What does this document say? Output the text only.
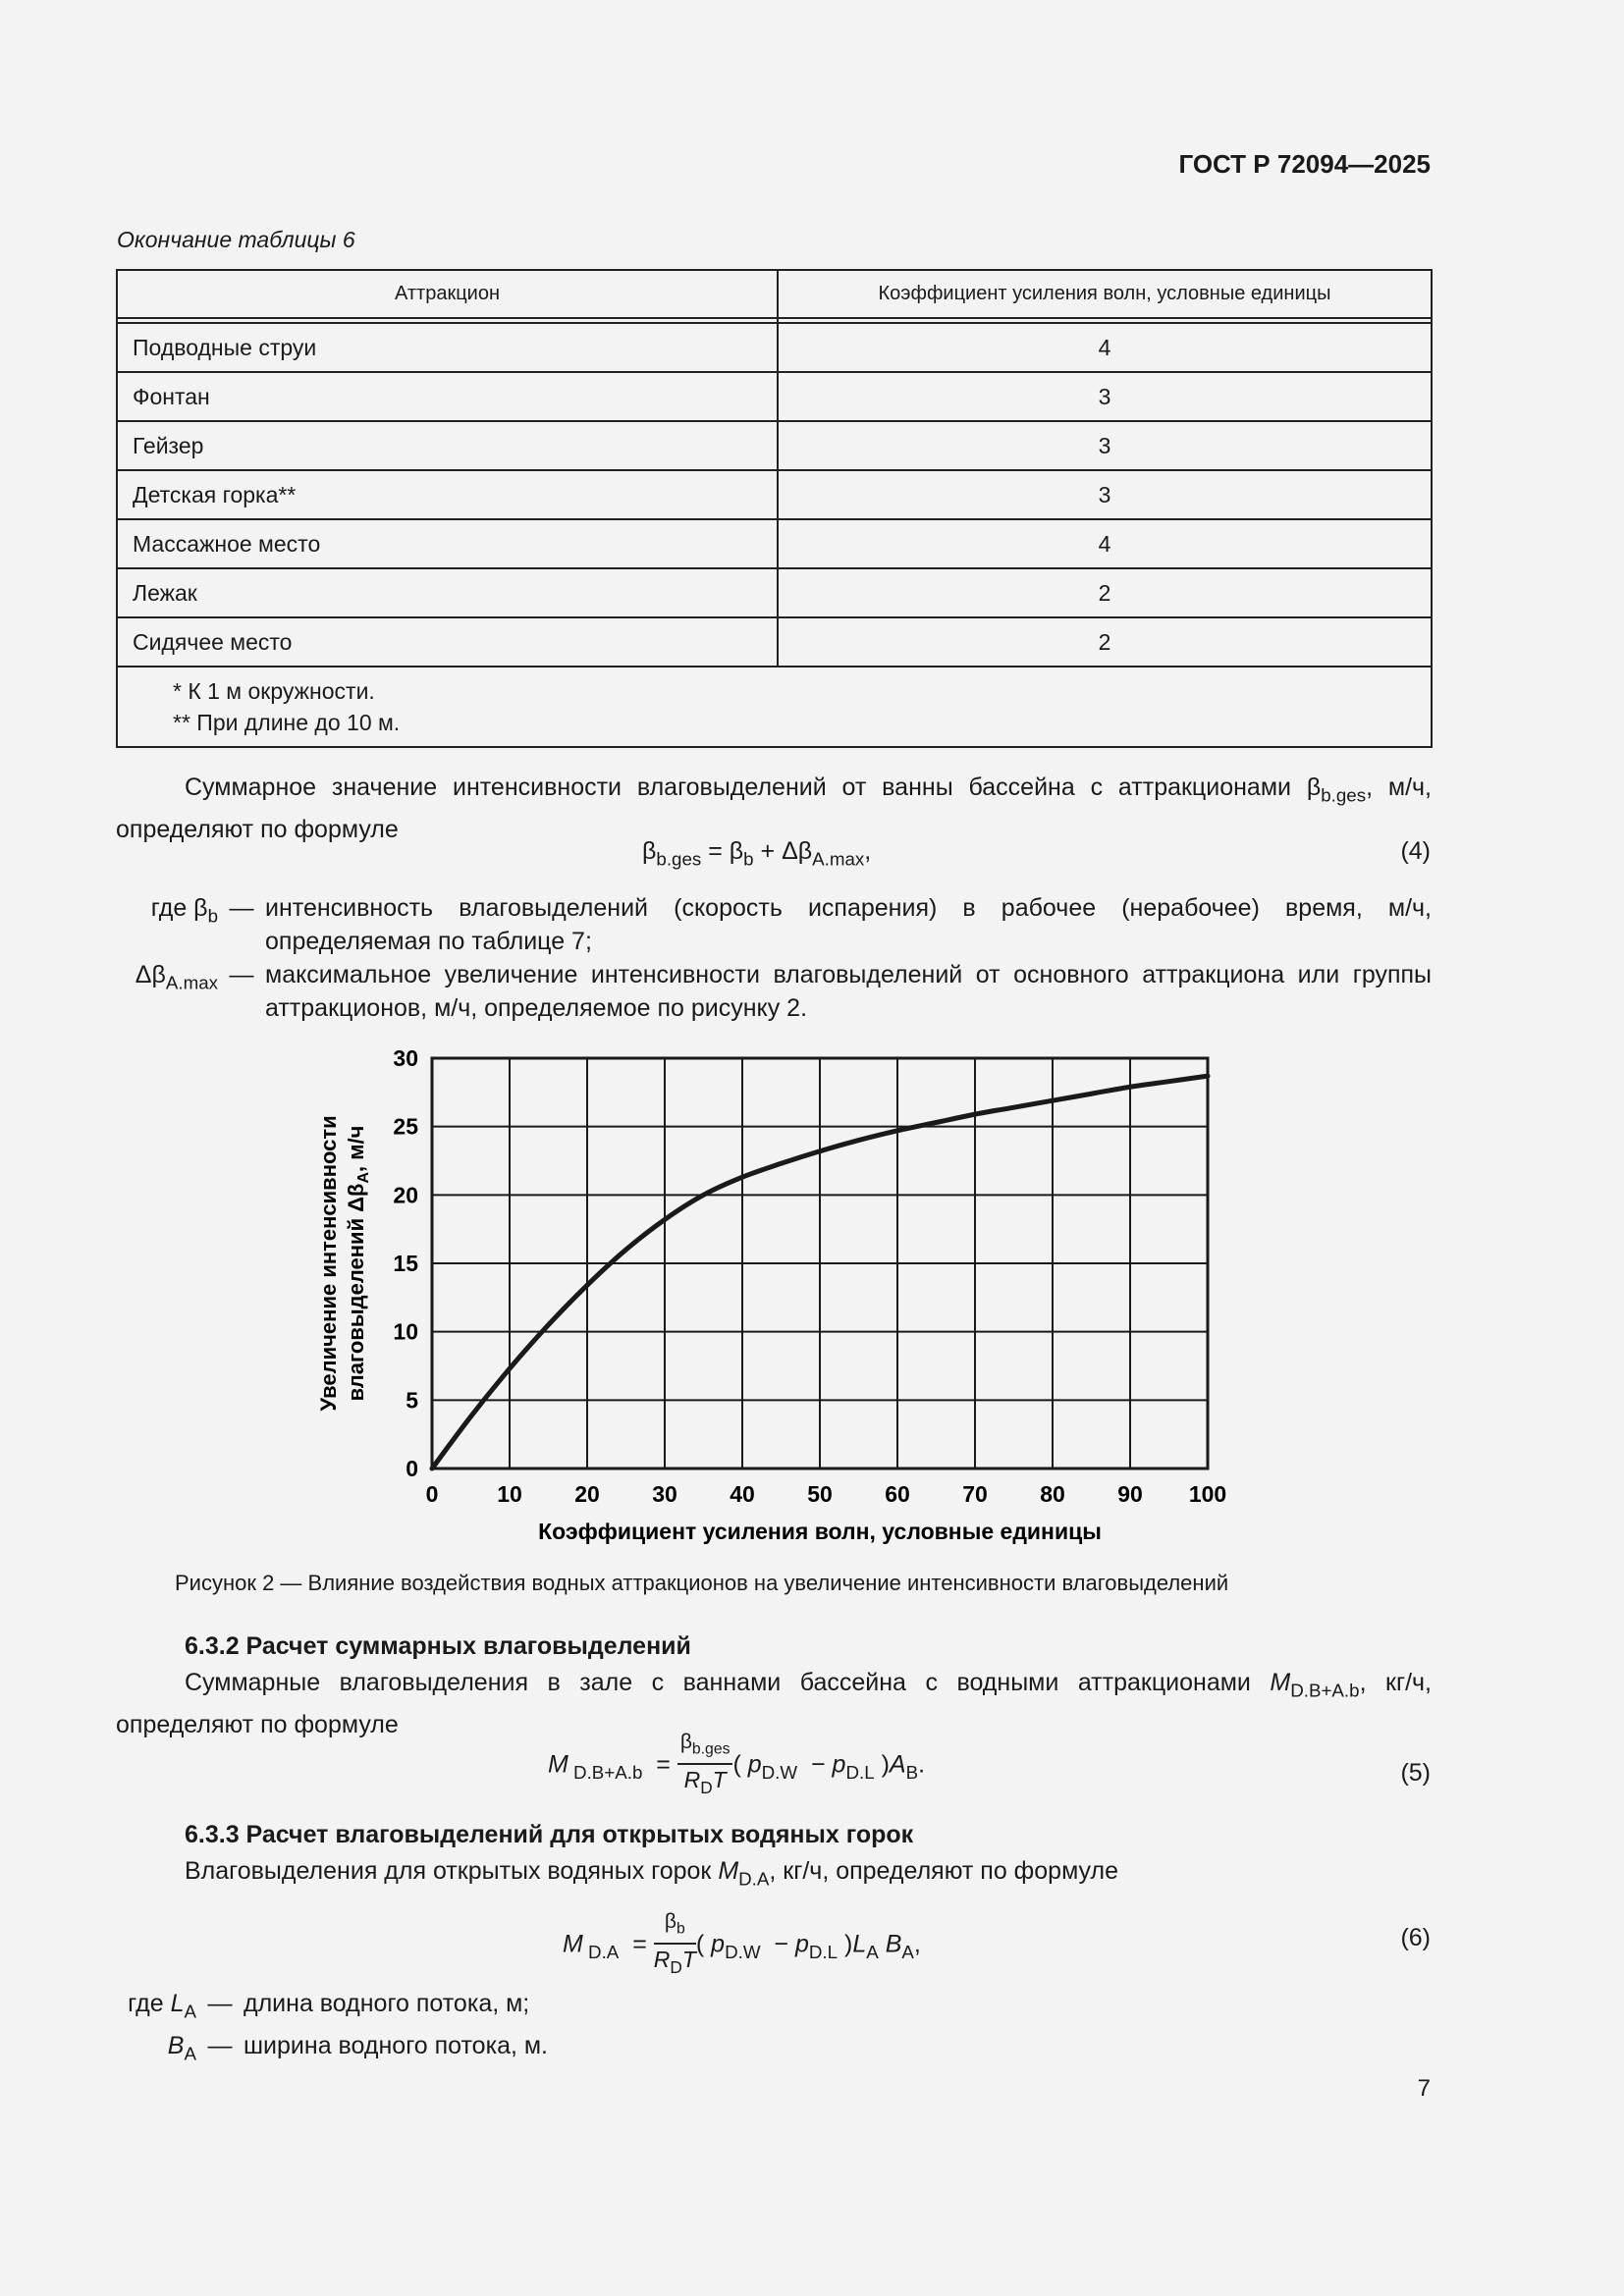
ГОСТ Р 72094—2025
Окончание таблицы 6
Аттракцион	Коэффициент усиления волн, условные единицы

Подводные струи	4
Фонтан	3
Гейзер	3
Детская горка**	3
Массажное место	4
Лежак	2
Сидячее место	2

* К 1 м окружности.
** При длине до 10 м.	
Суммарное значение интенсивности влаговыделений от ванны бассейна с аттракционами $\beta_{b.ges}$, м/ч, определяют по формуле
$\beta_{b.ges} = \beta_b + \Delta\beta_{A.max}$,	(4)
где $\beta_b$ — интенсивность влаговыделений (скорость испарения) в рабочее (нерабочее) время, м/ч, определяемая по таблице 7;
$\Delta\beta_{A.max}$ — максимальное увеличение интенсивности влаговыделений от основного аттракциона или группы аттракционов, м/ч, определяемое по рисунку 2.
0	10 20 30 40 50 60 70 80 90 100
0
5
10
15
20
25
30
Коэффициент усиления волн, условные единицы
Увеличение интенсивности влаговыделений $\Delta\beta_A$, м/ч
Рисунок 2 — Влияние воздействия водных аттракционов на увеличение интенсивности влаговыделений
6.3.2 Расчет суммарных влаговыделений
Суммарные влаговыделения в зале с ваннами бассейна с водными аттракционами $M_{D.B+A.b}$, кг/ч, определяют по формуле
M $_{D.B+A.b} = \frac{\beta_{b.ges}}{R_DT}$ ( $p_{D.W} - p_{D.L}$ )$A_B$.	(5)
6.3.3 Расчет влаговыделений для открытых водяных горок
Влаговыделения для открытых водяных горок $M_{D.A}$, кг/ч, определяют по формуле
M $_{D.A} = \frac{\beta_b}{R_DT}$ ( $p_{D.W} - p_{D.L}$ )$L_A$ $B_A$,	(6)
где $L_A$ — длина водного потока, м;
$B_A$ — ширина водного потока, м.
7
